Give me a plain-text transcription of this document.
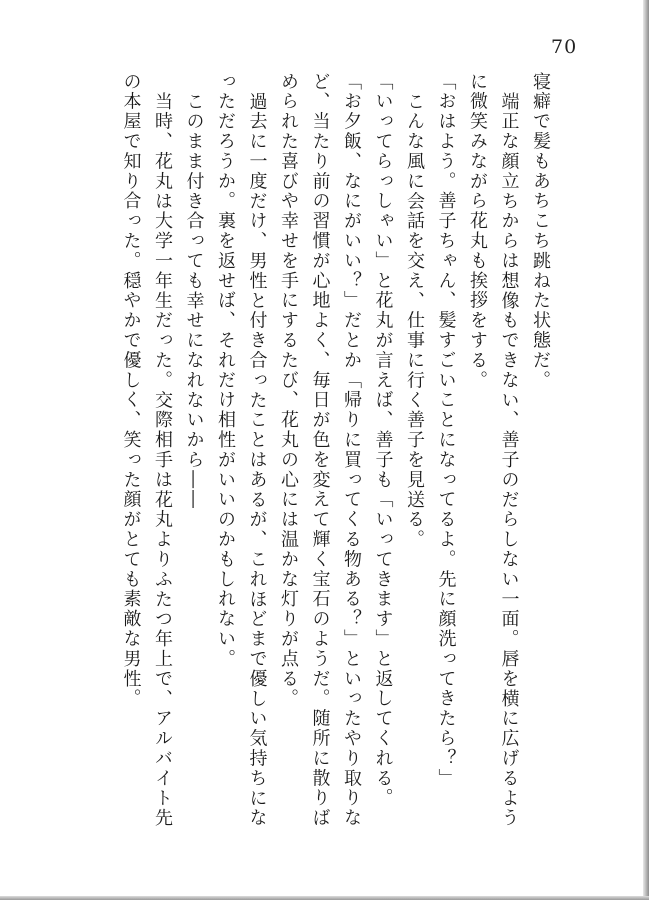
70
寝癖で髪もあちこち跳ねた状態だ。
端正な顔立ちからは想像もできない、善子のだらしない一面。唇を横に広げるよう
に微笑みながら花丸も挨拶をする。
「おはよう。善子ちゃん、髪すごいことになってるよ。先に顔洗ってきたら？」
こんな風に会話を交え、仕事に行く善子を見送る。
「いってらっしゃい」と花丸が言えば、善子も「いってきます」と返してくれる。
「お夕飯、なにがいい？」だとか「帰りに買ってくる物ある？」といったやり取りな
ど、当たり前の習慣が心地よく、毎日が色を変えて輝く宝石のようだ。随所に散りば
められた喜びや幸せを手にするたび、花丸の心には温かな灯りが点る。
過去に一度だけ、男性と付き合ったことはあるが、これほどまで優しい気持ちにな
っただろうか。裏を返せば、それだけ相性がいいのかもしれない。
このまま付き合っても幸せになれないから――
当時、花丸は大学一年生だった。交際相手は花丸よりふたつ年上で、アルバイト先
の本屋で知り合った。穏やかで優しく、笑った顔がとても素敵な男性。
